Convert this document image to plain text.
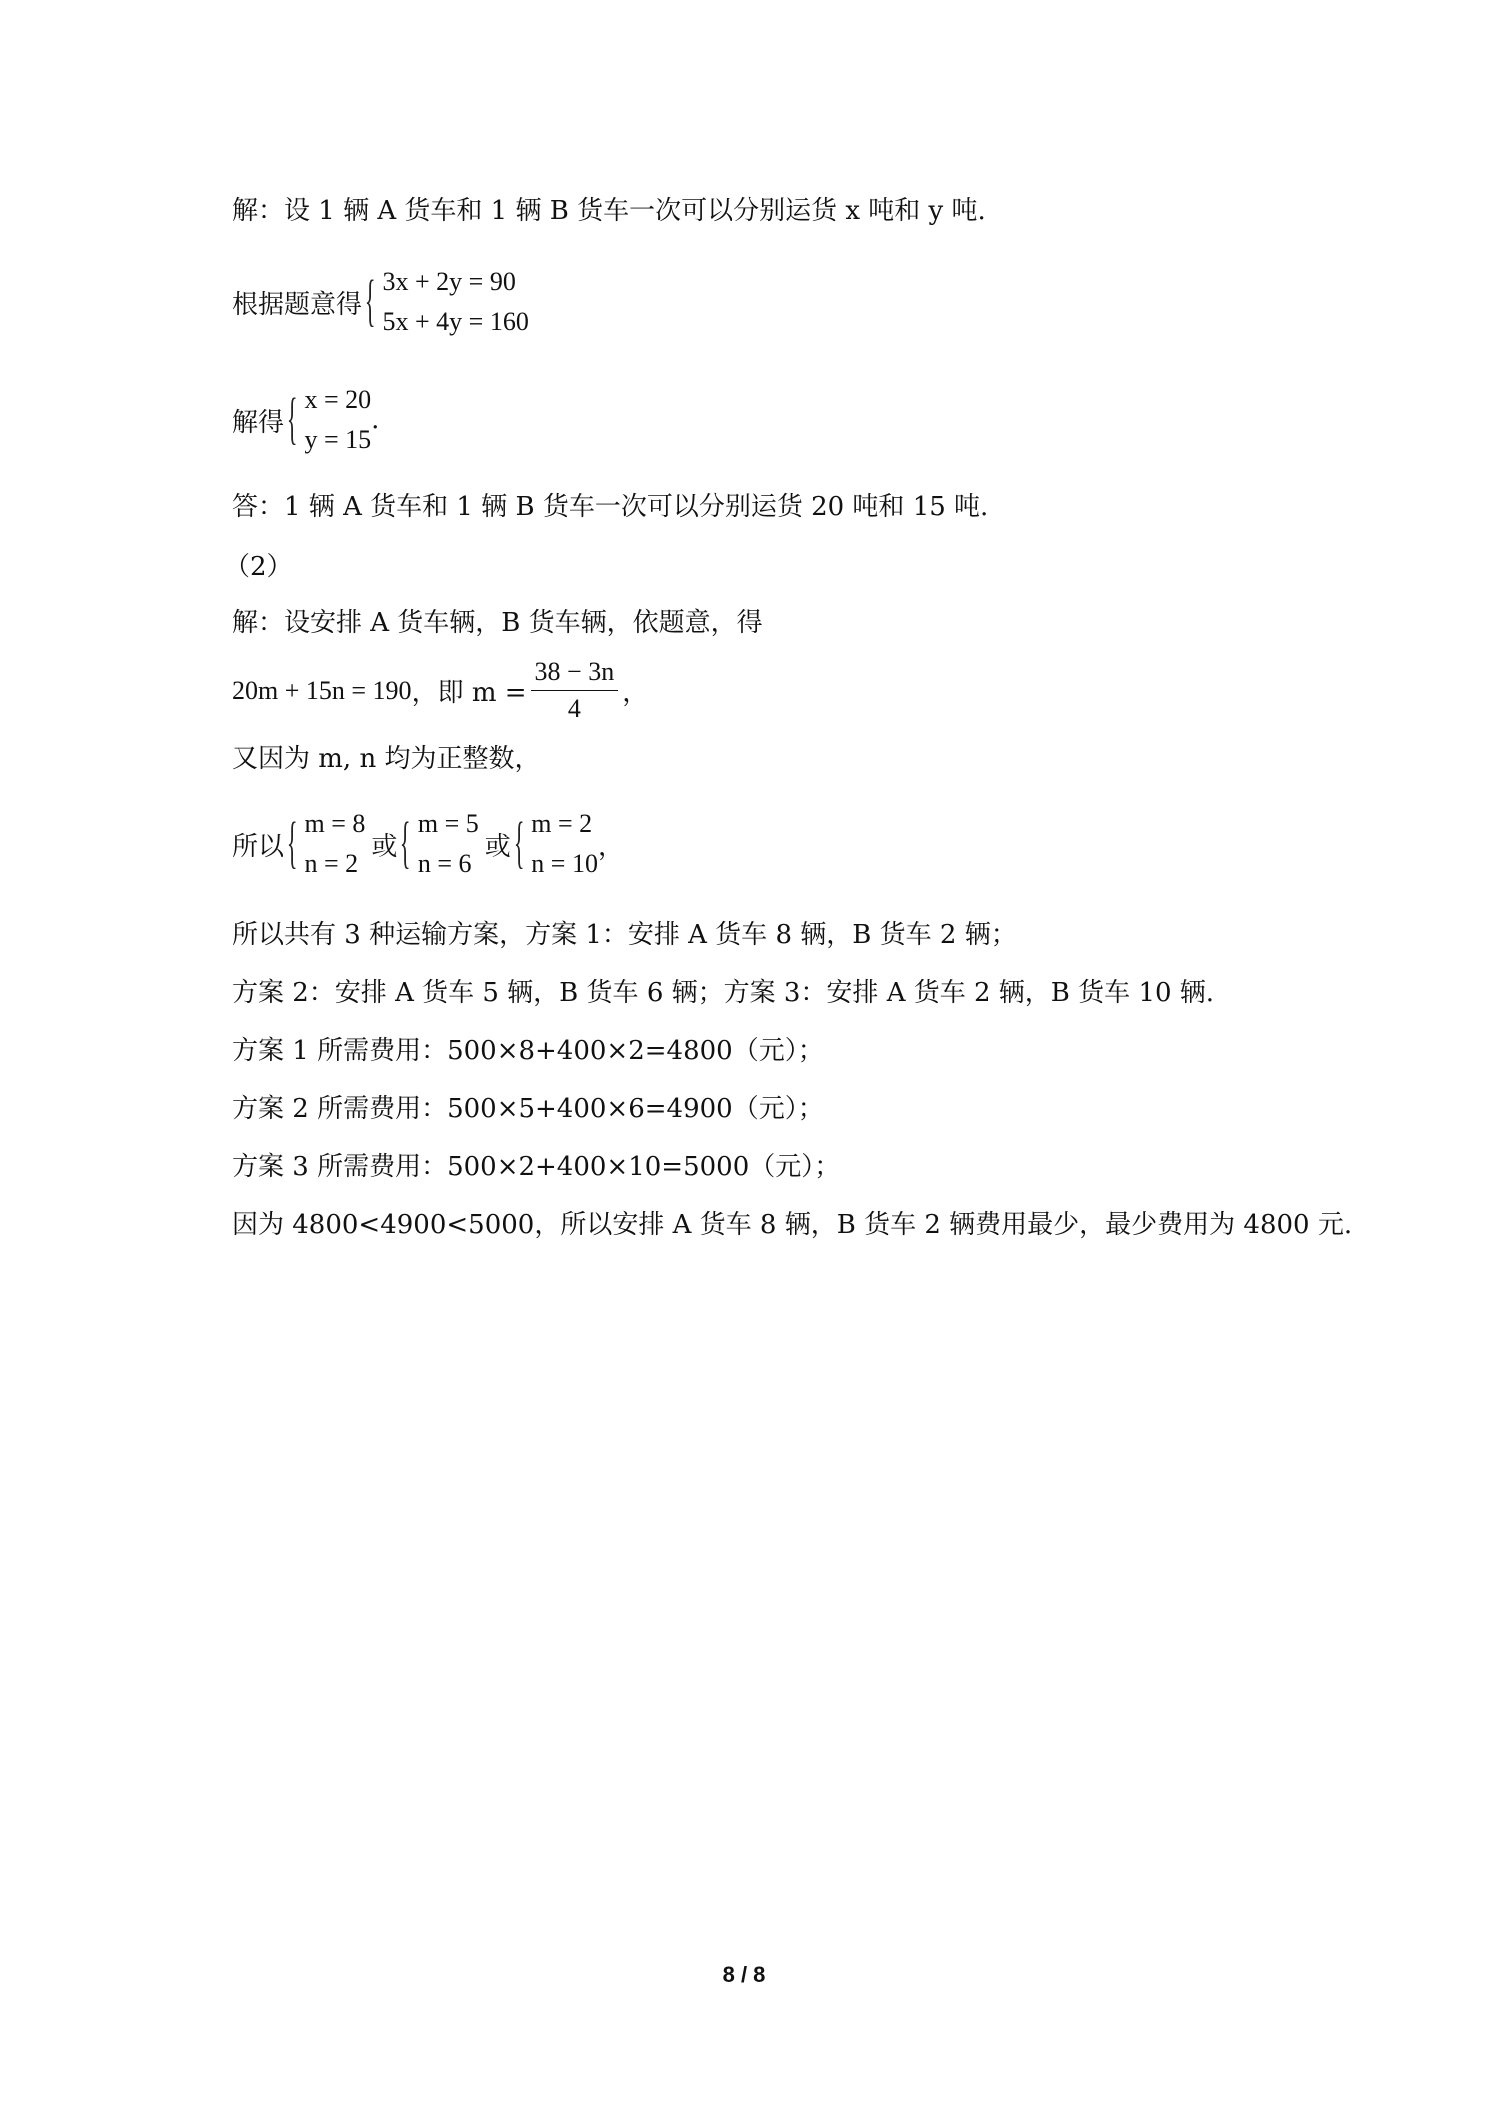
解：设 1 辆 A 货车和 1 辆 B 货车一次可以分别运货 x 吨和 y 吨.
根据题意得 { 3x + 2y = 90
5x + 4y = 160
解得 { x = 20
y = 15
.
答：1 辆 A 货车和 1 辆 B 货车一次可以分别运货 20 吨和 15 吨.
（2）
解：设安排 A 货车辆，B 货车辆，依题意，得
20m + 15n = 190 ，即 $m = \frac{38 - 3n}{4}$ ，
又因为 m, n 均为正整数，
所以 { m = 8
n = 2
或 { m = 5
n = 6
或 { m = 2
n = 10
，
所以共有 3 种运输方案，方案 1：安排 A 货车 8 辆，B 货车 2 辆；
方案 2：安排 A 货车 5 辆，B 货车 6 辆；方案 3：安排 A 货车 2 辆，B 货车 10 辆.
方案 1 所需费用：500×8+400×2=4800（元）；
方案 2 所需费用：500×5+400×6=4900（元）；
方案 3 所需费用：500×2+400×10=5000（元）；
因为 4800<4900<5000，所以安排 A 货车 8 辆，B 货车 2 辆费用最少，最少费用为 4800 元.
8 / 8
